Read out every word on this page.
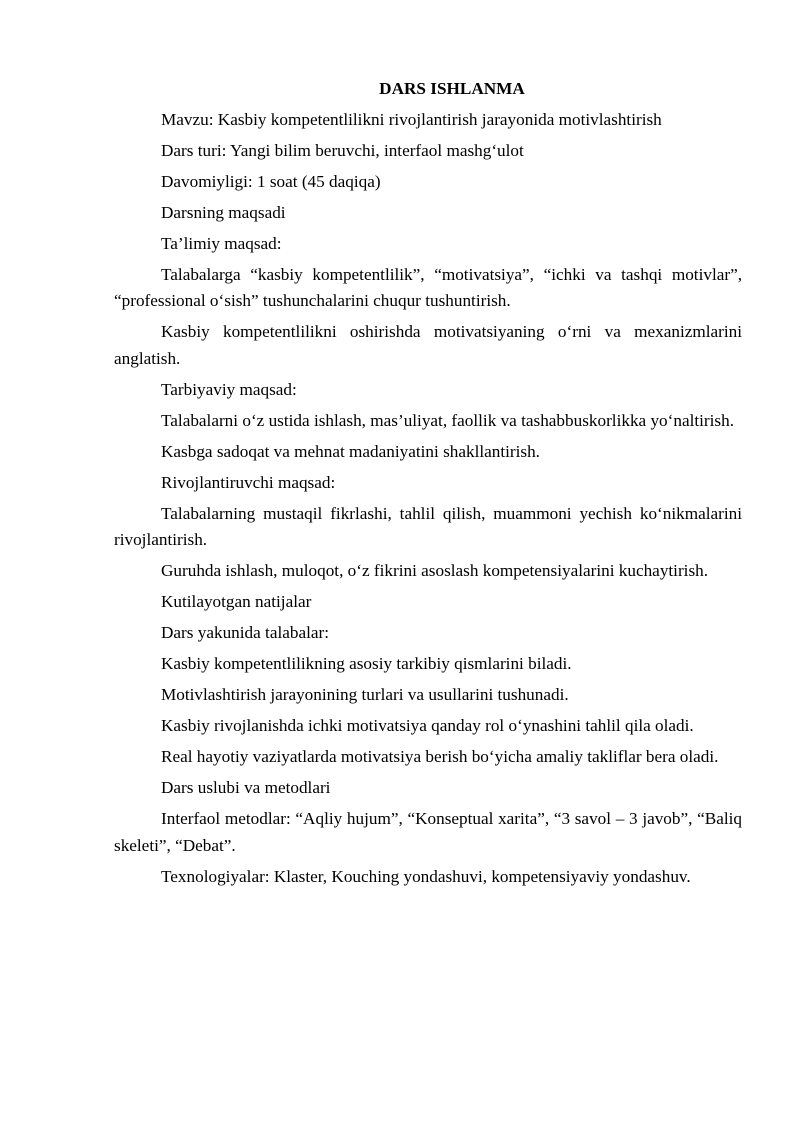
DARS ISHLANMA
Mavzu: Kasbiy kompetentlilikni rivojlantirish jarayonida motivlashtirish
Dars turi: Yangi bilim beruvchi, interfaol mashg‘ulot
Davomiyligi: 1 soat (45 daqiqa)
Darsning maqsadi
Ta’limiy maqsad:
Talabalarga “kasbiy kompetentlilik”, “motivatsiya”, “ichki va tashqi motivlar”, “professional o‘sish” tushunchalarini chuqur tushuntirish.
Kasbiy kompetentlilikni oshirishda motivatsiyaning o‘rni va mexanizmlarini anglatish.
Tarbiyaviy maqsad:
Talabalarni o‘z ustida ishlash, mas’uliyat, faollik va tashabbuskorlikka yo‘naltirish.
Kasbga sadoqat va mehnat madaniyatini shakllantirish.
Rivojlantiruvchi maqsad:
Talabalarning mustaqil fikrlashi, tahlil qilish, muammoni yechish ko‘nikmalarini rivojlantirish.
Guruhda ishlash, muloqot, o‘z fikrini asoslash kompetensiyalarini kuchaytirish.
Kutilayotgan natijalar
Dars yakunida talabalar:
Kasbiy kompetentlilikning asosiy tarkibiy qismlarini biladi.
Motivlashtirish jarayonining turlari va usullarini tushunadi.
Kasbiy rivojlanishda ichki motivatsiya qanday rol o‘ynashini tahlil qila oladi.
Real hayotiy vaziyatlarda motivatsiya berish bo‘yicha amaliy takliflar bera oladi.
Dars uslubi va metodlari
Interfaol metodlar: “Aqliy hujum”, “Konseptual xarita”, “3 savol – 3 javob”, “Baliq skeleti”, “Debat”.
Texnologiyalar: Klaster, Kouching yondashuvi, kompetensiyaviy yondashuv.
